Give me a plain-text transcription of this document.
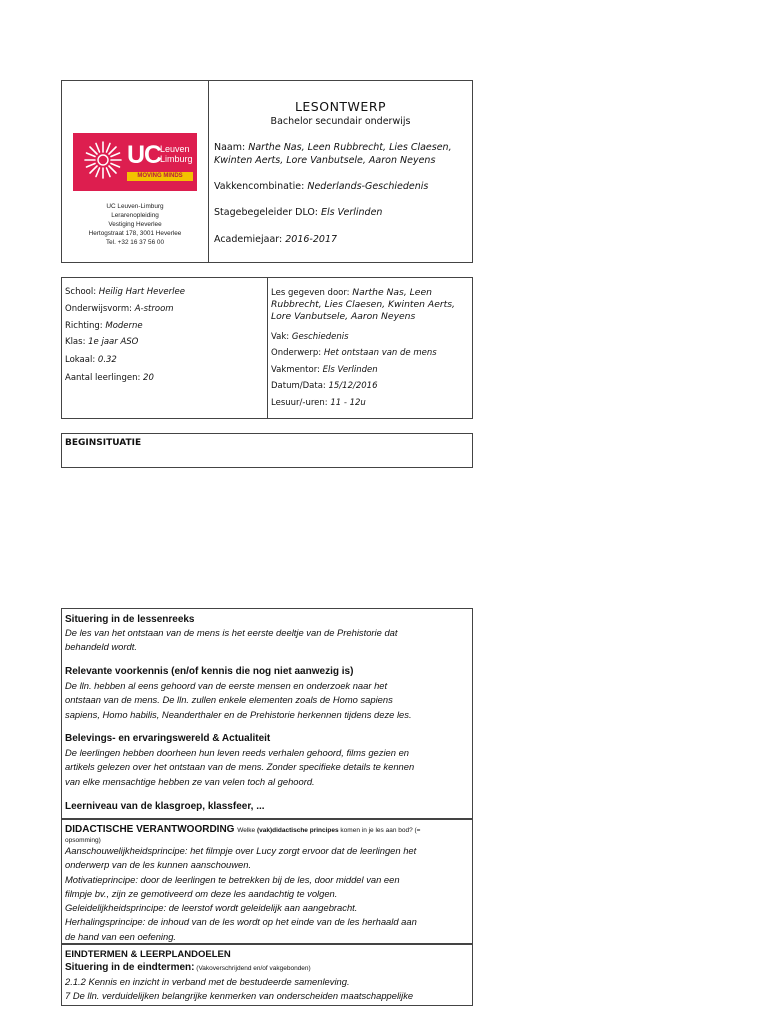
UC
Leuven
Limburg
MOVING MINDS
UC Leuven-Limburg
Lerarenopleiding
Vestiging Heverlee
Hertogstraat 178, 3001 Heverlee
Tel. +32 16 37 56 00
LESONTWERP
Bachelor secundair onderwijs
Naam: Narthe Nas, Leen Rubbrecht, Lies Claesen,
Kwinten Aerts, Lore Vanbutsele, Aaron Neyens
Vakkencombinatie: Nederlands-Geschiedenis
Stagebegeleider DLO: Els Verlinden
Academiejaar: 2016-2017
School: Heilig Hart Heverlee
Onderwijsvorm: A-stroom
Richting: Moderne
Klas: 1e jaar ASO
Lokaal: 0.32
Aantal leerlingen: 20
Les gegeven door: Narthe Nas, Leen
Rubbrecht, Lies Claesen, Kwinten Aerts,
Lore Vanbutsele, Aaron Neyens
Vak: Geschiedenis
Onderwerp: Het ontstaan van de mens
Vakmentor: Els Verlinden
Datum/Data: 15/12/2016
Lesuur/-uren: 11 - 12u
BEGINSITUATIE
Situering in de lessenreeks
De les van het ontstaan van de mens is het eerste deeltje van de Prehistorie dat
behandeld wordt.
Relevante voorkennis (en/of kennis die nog niet aanwezig is)
De lln. hebben al eens gehoord van de eerste mensen en onderzoek naar het
ontstaan van de mens. De lln. zullen enkele elementen zoals de Homo sapiens
sapiens, Homo habilis, Neanderthaler en de Prehistorie herkennen tijdens deze les.
Belevings- en ervaringswereld & Actualiteit
De leerlingen hebben doorheen hun leven reeds verhalen gehoord, films gezien en
artikels gelezen over het ontstaan van de mens. Zonder specifieke details te kennen
van elke mensachtige hebben ze van velen toch al gehoord.
Leerniveau van de klasgroep, klassfeer, ...
DIDACTISCHE VERANTWOORDING Welke (vak)didactische principes komen in je les aan bod? (=
opsomming)
Aanschouwelijkheidsprincipe: het filmpje over Lucy zorgt ervoor dat de leerlingen het
onderwerp van de les kunnen aanschouwen.
Motivatieprincipe: door de leerlingen te betrekken bij de les, door middel van een
filmpje bv., zijn ze gemotiveerd om deze les aandachtig te volgen.
Geleidelijkheidsprincipe: de leerstof wordt geleidelijk aan aangebracht.
Herhalingsprincipe: de inhoud van de les wordt op het einde van de les herhaald aan
de hand van een oefening.
EINDTERMEN & LEERPLANDOELEN
Situering in de eindtermen: (Vakoverschrijdend en/of vakgebonden)
2.1.2 Kennis en inzicht in verband met de bestudeerde samenleving.
7 De lln. verduidelijken belangrijke kenmerken van onderscheiden maatschappelijke
